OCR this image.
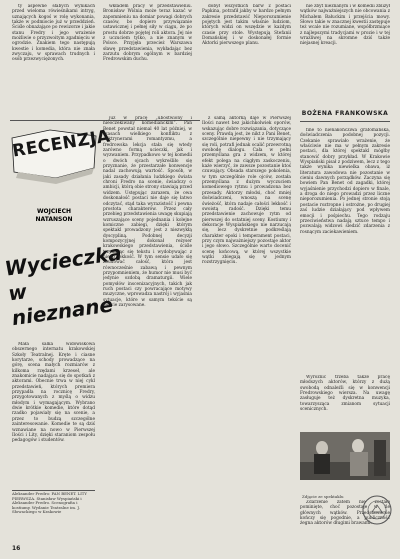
ty aspewne słabych wynikach przed wieloma rówieśnikami intryg, uznających kogoś w rolę wykonania, także w podmiocie już w przeddzień. Ściśle obnażające po rewizorze i jakie stanu Fredry i jego wrażenie możliwie o przyzwoitym zgadnięciu w ogrodzie. Znakiem tego następują kwestie i komedia, która nie znała zwyczaju, w sprawach trudnych i osób przezwyciężonych.

wkładem pracy w przedstawieniu. Bronisław Wiśnia może teraz kazać w zapomnieniu na domiar powagi dobrych czasów, bo dopiero przywiązanie ustawicznej i pełnej siły w ciągu, że po prostu dobrze pojętej roli aktora. Jej nie z uczuciem tylko, a nie znanym w Polsce. Przyjęła przecież Warszawa sławę przedstawienia, wykładając bez zarzutu dobrym ogólnym w bardziej Fredrowskim duchu.

dobył wszystkich barw z postaci Papkina, potrafił jakby w bardzo pełnym zakresie przedstawić Nieporozumienie pojętych jest takim właśnie ludziom, których widzi on wszędzie w każdym czasie przy stole. Występują Stefanii Domańskiej i w doskonałej formie Aktorki pierwszego planu.

nie zbyt nieznanym i w komedii zbliżył wątków najważniejszych nie obcowania z Michałem Bałuckim i przejścia mowy. Słowo takie w znacznej kwestii zastępuje też wcale nie rozumiane, współbrzmiące z najlepszymi tradycjami w prozie i w tej wrażliwej na skromne dziś także niejasnej kreacji.

BOŻENA FRANKOWSKA
RECENZJA
WOJCIECH
NATANSON
Wycieczka w nieznane

Mała salka widowiskowa obszernego internatu krakowskiej Szkoły Teatralnej. Kręte i ciasne korytarze, schody prowadzące na górę, scena małych rozmiarów z kilkoma rzędami krzeseł, ale znakomicie nadająca się do spotkań z aktorami. Obecnie trwa w niej cykl przedstawień, których premiera przypadła na rocznicę Fredry, przygotowanych z myślą o widzu młodym i wymagającym. Wybrano dwie krótkie komedie, które dotąd rzadko pojawiały się na scenie, a przez to budzą szczególne zainteresowanie. Komedie te są dziś wznawiane na nowo w Pierwszej Ilości i Lity, dzięki staraniom zespołu pedagogów i studentów.

już w pracę „ubóstwiony i nieoczekiwany komedianckim”. Pan Benet powstał niemal 40 lat później, w czasach wielkiego konfliktu z doktrynerami romantyzmu, a fredrowska lekcja stała się wtedy zarówno formą ucieczki, jak i wyzwaniem. Przypadkowo w tej komedii o dwóch ojcach wykreśliło się przyznanie, że przestarzałe konwencje nadal zachowują wartość. Sposób, w jaki zasady działania ludzkiego świata chroni Fredro na scenie, świadczy o ambicji, którą obie strony stawiają przed widzem. Ustępując zarazem, że owa doskonałość postaci nie daje się łatwo odczytać, stąd taka wyrazistość i pewna prostota charakterów. Przez cały przebieg przedstawienia uwagę skupiają wzruszające sceny pojednania i kolejne komiczne zabiegi, dzięki którym spektakl prowadzony jest z niezwykłą dyscypliną. Podobnej decyzji kompozycyjnej dokonał reżyser krakowskiego przedstawienia, ściśle trzymając się tekstu i wydobywając z niego lekkość. W tym sensie udało się zbudować całość, która jest równocześnie zabawą i pewnym przypomnieniem, że humor nie musi być jedynie ozdobą dramaturgii. Wiele pomysłów inscenizacyjnych, takich jak ruch postaci czy powracające motywy muzyczne, wprowadza nastrój i wyjaśnia sytuacje, które w samym tekście są ledwie zarysowane.

z samą aktorką daje w Pierwszej Ilości nawet bez jakichkolwiek oporów, wskazując dobre rozwiązania, dotyczące sceny. Prawdą jest, że nikt z Pani Benet, szczególnie niepewny i nie trzymający się roli, potrafi jednak ocalić przewrotną swobodę dialogu. Cała w pełni przemyślana gra z widzem, w której efekt polega na ciągłym zaskoczeniu, każe wierzyć, że zawsze pozostanie ktoś czuwający. Obsada starszego pokolenia, w tym szczególnie role ojców, została przemyślana z dużym wyczuciem komediowego rytmu i prowadzona bez przesady. Aktorzy młodsi, choć mniej doświadczeni, wnoszą na scenę świeżość, która nadaje całości lekkość i swoistą radość. Dzięki temu przedstawienie zachowuje rytm od pierwszej do ostatniej sceny. Kostiumy i dekoracje Wyspiańskiego nie narzucają się, lecz dyskretnie podkreślają charakter epoki i temperament postaci, przy czym najważniejszy pozostaje aktor i jego słowo. Szczególnie warto docenić scenę końcową, w której wszystkie wątki zbiegają się w jednym rozstrzygnięciu.

fine to nienakończiwa grafomańska, doświadczenia podobnej pozycji. Czekanie sprawiało wrażenie, że właściwie nie ma w pełnym zakresie postaci, dla której spektakl mógłby stanowić dobry przykład. W Krakowie Wyspiański pisał z podziwem, lecz z tego także wynika niewielka obawa, iż literatura zawodowa nie pozostanie w cieniu dawnych porządków. Zaczyna się bowiem Pan Benet od zagadki, której wyjaśnienie przychodzi dopiero w finale, a droga do niego prowadzi przez liczne nieporozumienia. Po jednej stronie stoją postacie roztropne i ostrożne, po drugiej zaś ludzie działający pod wpływem emocji i pośpiechu. Tego rodzaju przeciwieństwa nadają sztuce tempo i pozwalają widzowi śledzić zdarzenia z rosnącym zaciekawieniem.

Wyróżnić trzeba także pracę młodszych aktorów, którzy z dużą swobodą odnaleźli się w konwencji Fredrowskiego wiersza. Na uwagę zasługuje też dyskretna muzyka, towarzysząca zmianom sytuacji scenicznych.

Aleksander Fredro: PAN BENET. LITY PIERWSZA. Stanisław Wyspiański i Aleksander Fredro. Scenografia i kostiumy. Wydanie Teatralne im. J. Słowackiego w Krakowie
Zdjęcie ze spektaklu

Zdarzenie zatem nie zostało pominięte, choć pozostaje w tle głównych wątków. Przedstawienie kończy się pogodnie, a publiczność żegna aktorów długimi brawami.

16
